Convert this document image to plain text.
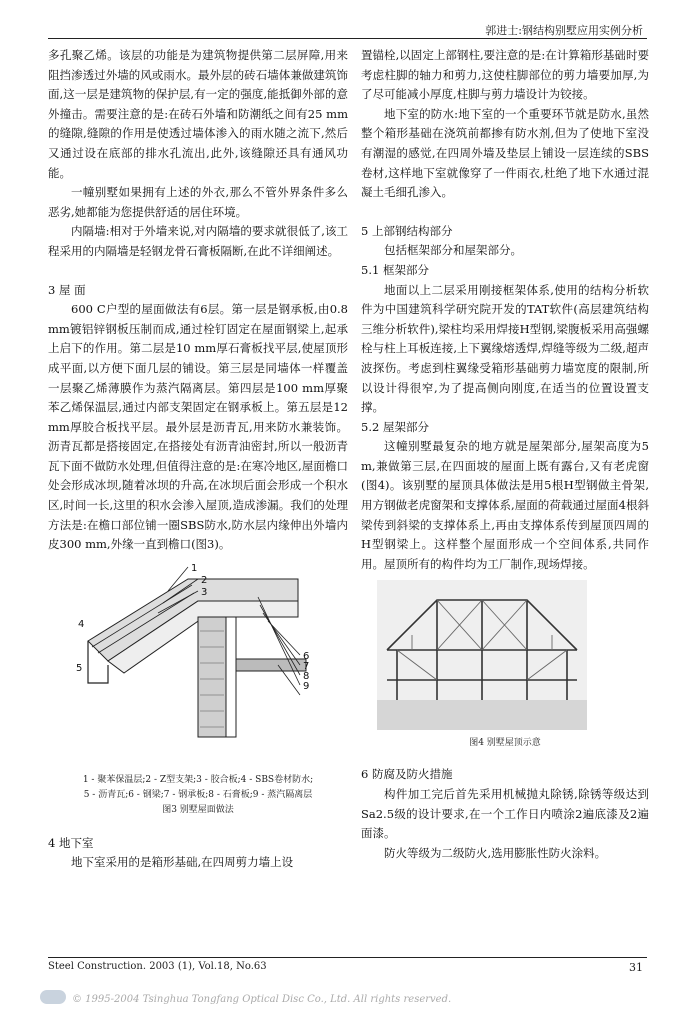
郭进士:钢结构别墅应用实例分析

多孔聚乙烯。该层的功能是为建筑物提供第二层屏障,用来阻挡渗透过外墙的风或雨水。最外层的砖石墙体兼做建筑饰面,这一层是建筑物的保护层,有一定的强度,能抵御外部的意外撞击。需要注意的是:在砖石外墙和防潮纸之间有25 mm的缝隙,缝隙的作用是使透过墙体渗入的雨水随之流下,然后又通过设在底部的排水孔流出,此外,该缝隙还具有通风功能。

一幢别墅如果拥有上述的外衣,那么不管外界条件多么恶劣,她都能为您提供舒适的居住环境。

内隔墙:相对于外墙来说,对内隔墙的要求就很低了,该工程采用的内隔墙是轻钢龙骨石膏板隔断,在此不详细阐述。

3 屋 面

600 C户型的屋面做法有6层。第一层是钢承板,由0.8 mm镀铝锌钢板压制而成,通过栓钉固定在屋面钢梁上,起承上启下的作用。第二层是10 mm厚石膏板找平层,使屋顶形成平面,以方便下面几层的铺设。第三层是同墙体一样覆盖一层聚乙烯薄膜作为蒸汽隔离层。第四层是100 mm厚聚苯乙烯保温层,通过内部支架固定在钢承板上。第五层是12 mm厚胶合板找平层。最外层是沥青瓦,用来防水兼装饰。沥青瓦都是搭接固定,在搭接处有沥青油密封,所以一般沥青瓦下面不做防水处理,但值得注意的是:在寒冷地区,屋面檐口处会形成冰坝,随着冰坝的升高,在冰坝后面会形成一个积水区,时间一长,这里的积水会渗入屋顶,造成渗漏。我们的处理方法是:在檐口部位铺一圈SBS防水,防水层内缘伸出外墙内皮300 mm,外缘一直到檐口(图3)。

1
2
3
4
5
6
7
8
9
1 - 聚苯保温层;2 - Z型支架;3 - 胶合板;4 - SBS卷材防水;
5 - 沥青瓦;6 - 钢梁;7 - 钢承板;8 - 石膏板;9 - 蒸汽隔离层
图3 别墅屋面做法
4 地下室

地下室采用的是箱形基础,在四周剪力墙上设

置锚栓,以固定上部钢柱,要注意的是:在计算箱形基础时要考虑柱脚的轴力和剪力,这使柱脚部位的剪力墙要加厚,为了尽可能减小厚度,柱脚与剪力墙设计为铰接。

地下室的防水:地下室的一个重要环节就是防水,虽然整个箱形基础在浇筑前都掺有防水剂,但为了使地下室没有潮湿的感觉,在四周外墙及垫层上铺设一层连续的SBS卷材,这样地下室就像穿了一件雨衣,杜绝了地下水通过混凝土毛细孔渗入。

5 上部钢结构部分

包括框架部分和屋架部分。

5.1 框架部分

地面以上二层采用刚接框架体系,使用的结构分析软件为中国建筑科学研究院开发的TAT软件(高层建筑结构三维分析软件),梁柱均采用焊接H型钢,梁腹板采用高强螺栓与柱上耳板连接,上下翼缘熔透焊,焊缝等级为二级,超声波探伤。考虑到柱翼缘受箱形基础剪力墙宽度的限制,所以设计得很窄,为了提高侧向刚度,在适当的位置设置支撑。

5.2 屋架部分

这幢别墅最复杂的地方就是屋架部分,屋架高度为5 m,兼做第三层,在四面坡的屋面上既有露台,又有老虎窗(图4)。该别墅的屋顶具体做法是用5根H型钢做主骨架,用方钢做老虎窗架和支撑体系,屋面的荷载通过屋面4根斜梁传到斜梁的支撑体系上,再由支撑体系传到屋顶四周的H型钢梁上。这样整个屋面形成一个空间体系,共同作用。屋顶所有的构件均为工厂制作,现场焊接。

图4 别墅屋顶示意
6 防腐及防火措施

构件加工完后首先采用机械抛丸除锈,除锈等级达到Sa2.5级的设计要求,在一个工作日内喷涂2遍底漆及2遍面漆。

防火等级为二级防火,选用膨胀性防火涂料。

Steel Construction. 2003 (1), Vol.18, No.63	31
© 1995-2004 Tsinghua Tongfang Optical Disc Co., Ltd. All rights reserved.
